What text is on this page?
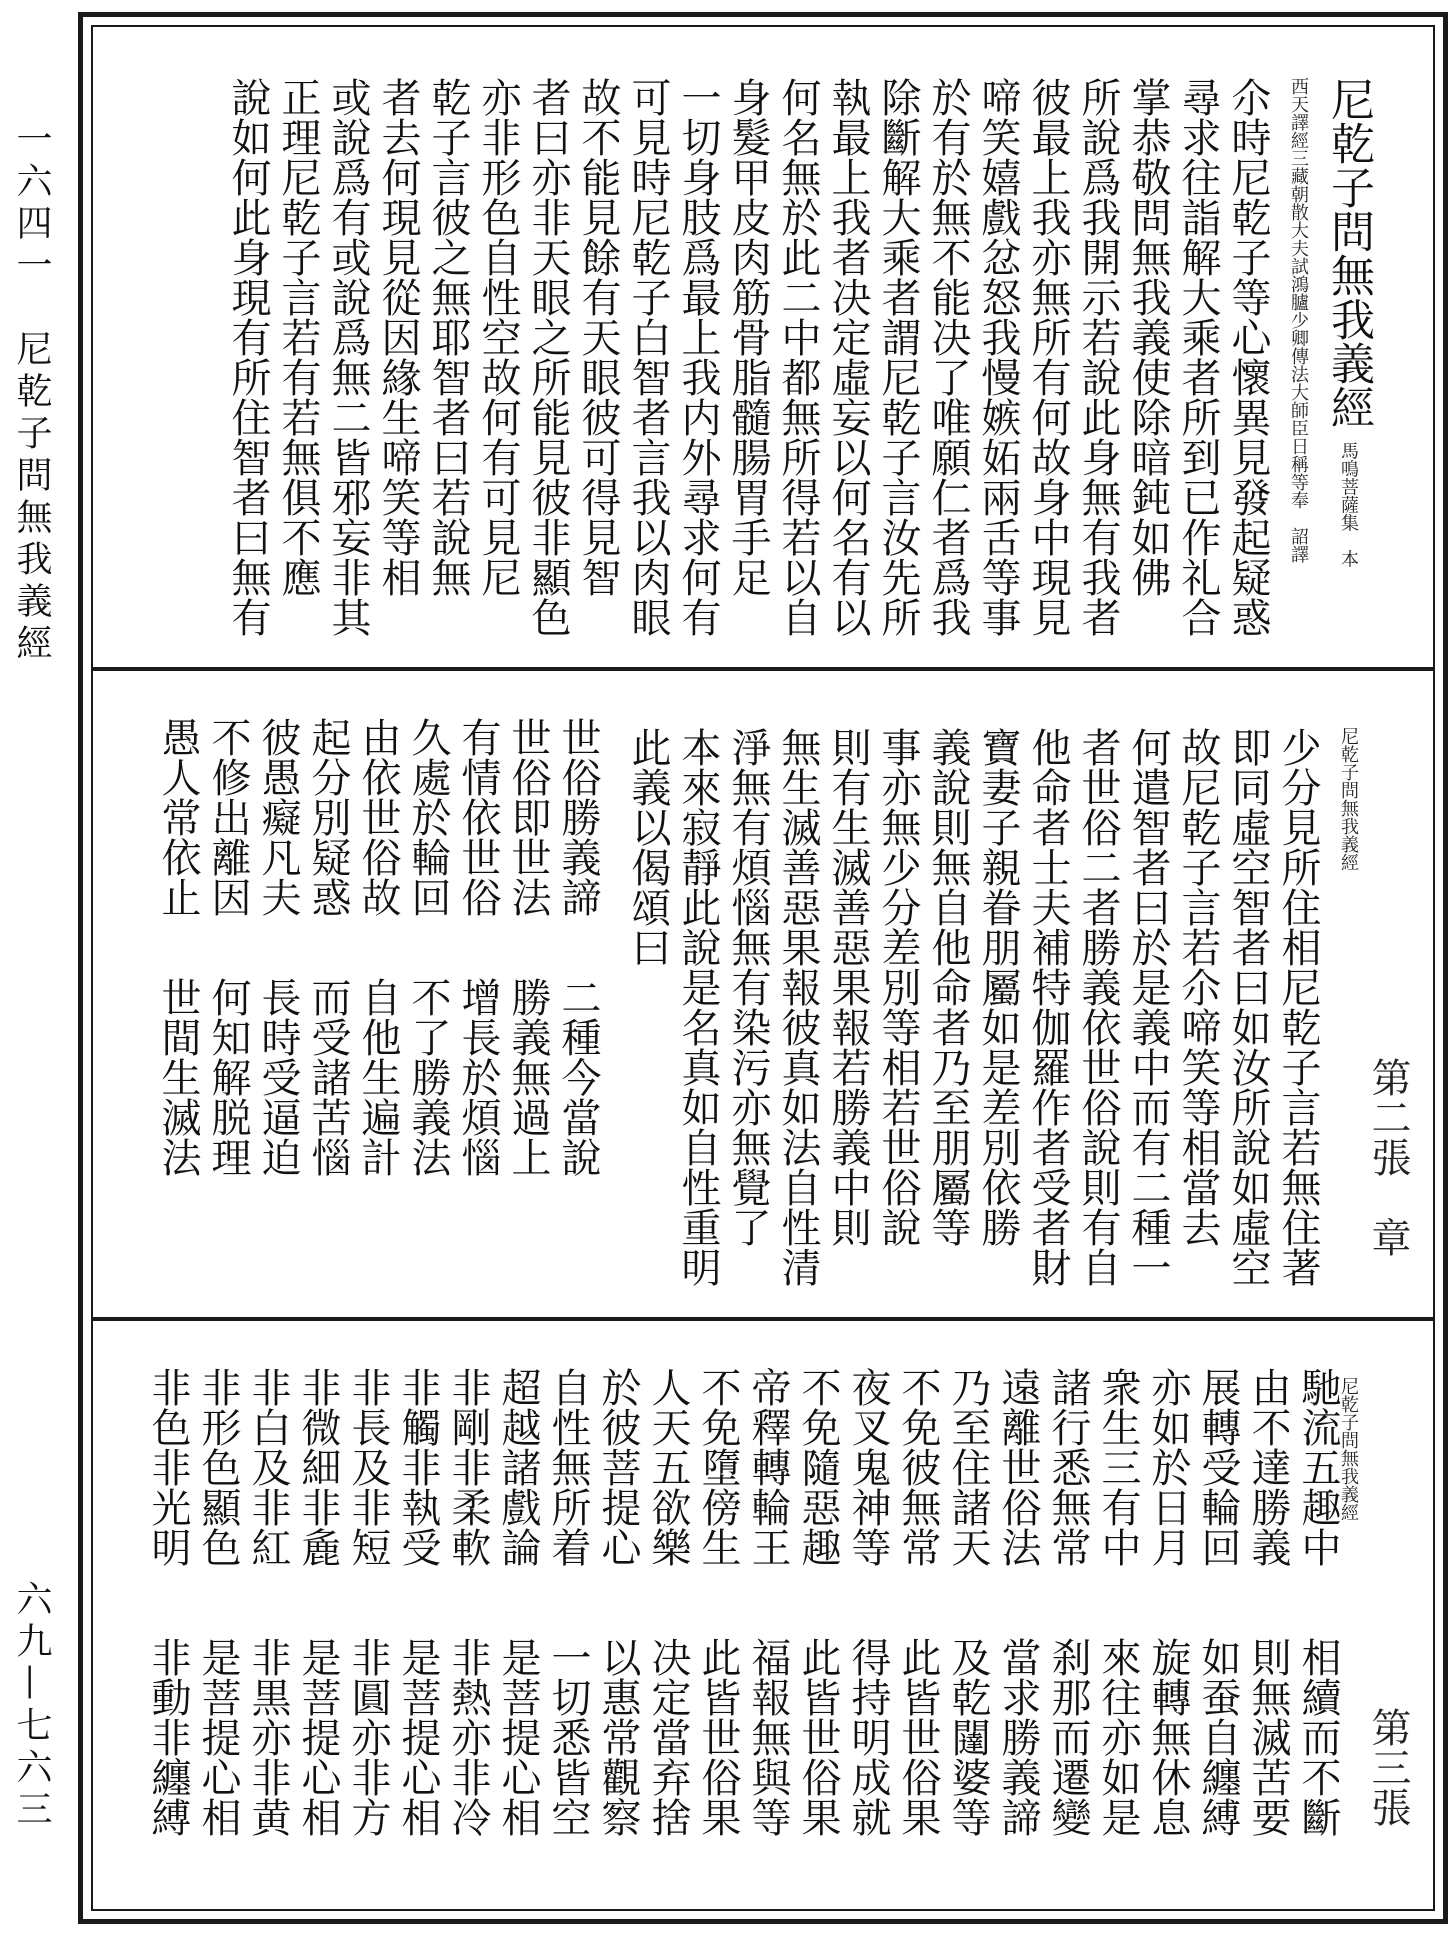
一六四一　尼乾子問無我義經
六九—七六三
尼乾子問無我義經 馬鳴菩薩集　本
西天譯經三藏朝散大夫試鴻臚少卿傳法大師臣日稱等奉　詔譯
尒時尼乾子等心懷異見發起疑惑
尋求往詣解大乘者所到已作礼合
掌恭敬問無我義使除暗鈍如佛
所說爲我開示若說此身無有我者
彼最上我亦無所有何故身中現見
啼笑嬉戲忿怒我慢嫉妬兩舌等事
於有於無不能决了唯願仁者爲我
除斷解大乘者謂尼乾子言汝先所
執最上我者决定虛妄以何名有以
何名無於此二中都無所得若以自
身髮甲皮肉筋骨脂髓腸胃手足
一切身肢爲最上我内外尋求何有
可見時尼乾子白智者言我以肉眼
故不能見餘有天眼彼可得見智
者曰亦非天眼之所能見彼非顯色
亦非形色自性空故何有可見尼
乾子言彼之無耶智者曰若說無
者去何現見從因緣生啼笑等相
或說爲有或說爲無二皆邪妄非其
正理尼乾子言若有若無俱不應
說如何此身現有所住智者曰無有
尼乾子問無我義經
少分見所住相尼乾子言若無住著
即同虛空智者曰如汝所說如虛空
故尼乾子言若尒啼笑等相當去
何遣智者曰於是義中而有二種一
者世俗二者勝義依世俗說則有自
他命者士夫補特伽羅作者受者財
寶妻子親眷朋屬如是差別依勝
義說則無自他命者乃至朋屬等
事亦無少分差別等相若世俗說
則有生滅善惡果報若勝義中則
無生滅善惡果報彼真如法自性清
淨無有煩惱無有染污亦無覺了
本來寂靜此說是名真如自性重明
此義以偈頌曰
世俗勝義諦
二種今當說
世俗即世法
勝義無過上
有情依世俗
增長於煩惱
久處於輪回
不了勝義法
由依世俗故
自他生遍計
起分別疑惑
而受諸苦惱
彼愚癡凡夫
長時受逼迫
不修出離因
何知解脱理
愚人常依止
世間生滅法	第二張　章
尼乾子問無我義經
馳流五趣中
相續而不斷
由不達勝義
則無滅苦要
展轉受輪回
如蚕自纏縛
亦如於日月
旋轉無休息
衆生三有中
來往亦如是
諸行悉無常
刹那而遷變
遠離世俗法
當求勝義諦
乃至住諸天
及乾闥婆等
不免彼無常
此皆世俗果
夜叉鬼神等
得持明成就
不免隨惡趣
此皆世俗果
帝釋轉輪王
福報無與等
不免墮傍生
此皆世俗果
人天五欲樂
决定當弃捨
於彼菩提心
以惠常觀察
自性無所着
一切悉皆空
超越諸戲論
是菩提心相
非剛非柔軟
非熱亦非冷
非觸非執受
是菩提心相
非長及非短
非圓亦非方
非微細非麁
是菩提心相
非白及非紅
非黒亦非黄
非形色顯色
是菩提心相
非色非光明
非動非纏縛	第三張
